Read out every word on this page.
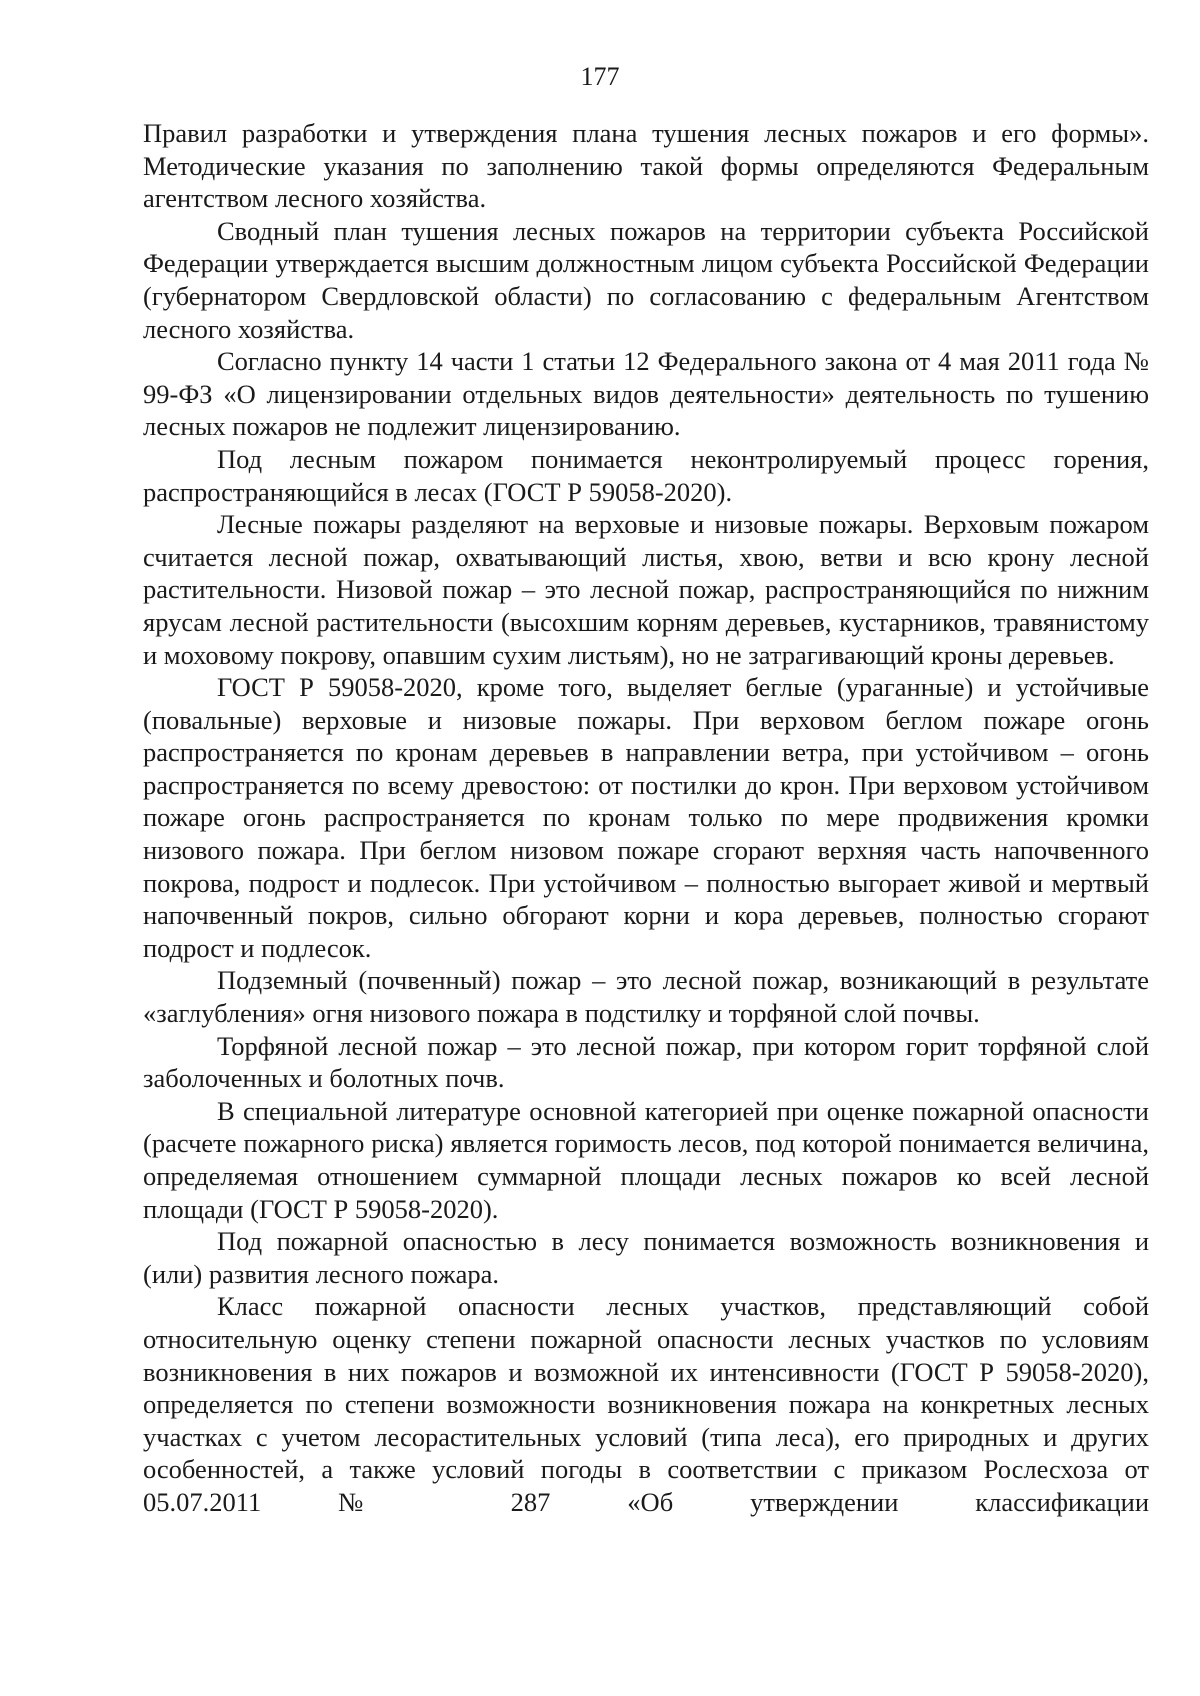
177

Правил разработки и утверждения плана тушения лесных пожаров и его формы». Методические указания по заполнению такой формы определяются Федеральным агентством лесного хозяйства.

Сводный план тушения лесных пожаров на территории субъекта Российской Федерации утверждается высшим должностным лицом субъекта Российской Федерации (губернатором Свердловской области) по согласованию с федеральным Агентством лесного хозяйства.

Согласно пункту 14 части 1 статьи 12 Федерального закона от 4 мая 2011 года № 99-ФЗ «О лицензировании отдельных видов деятельности» деятельность по тушению лесных пожаров не подлежит лицензированию.

Под лесным пожаром понимается неконтролируемый процесс горения, распространяющийся в лесах (ГОСТ Р 59058-2020).

Лесные пожары разделяют на верховые и низовые пожары. Верховым пожаром считается лесной пожар, охватывающий листья, хвою, ветви и всю крону лесной растительности. Низовой пожар – это лесной пожар, распространяющийся по нижним ярусам лесной растительности (высохшим корням деревьев, кустарников, травянистому и моховому покрову, опавшим сухим листьям), но не затрагивающий кроны деревьев.

ГОСТ Р 59058-2020, кроме того, выделяет беглые (ураганные) и устойчивые (повальные) верховые и низовые пожары. При верховом беглом пожаре огонь распространяется по кронам деревьев в направлении ветра, при устойчивом – огонь распространяется по всему древостою: от постилки до крон. При верховом устойчивом пожаре огонь распространяется по кронам только по мере продвижения кромки низового пожара. При беглом низовом пожаре сгорают верхняя часть напочвенного покрова, подрост и подлесок. При устойчивом – полностью выгорает живой и мертвый напочвенный покров, сильно обгорают корни и кора деревьев, полностью сгорают подрост и подлесок.

Подземный (почвенный) пожар – это лесной пожар, возникающий в результате «заглубления» огня низового пожара в подстилку и торфяной слой почвы.

Торфяной лесной пожар – это лесной пожар, при котором горит торфяной слой заболоченных и болотных почв.

В специальной литературе основной категорией при оценке пожарной опасности (расчете пожарного риска) является горимость лесов, под которой понимается величина, определяемая отношением суммарной площади лесных пожаров ко всей лесной площади (ГОСТ Р 59058-2020).

Под пожарной опасностью в лесу понимается возможность возникновения и (или) развития лесного пожара.

Класс пожарной опасности лесных участков, представляющий собой относительную оценку степени пожарной опасности лесных участков по условиям возникновения в них пожаров и возможной их интенсивности (ГОСТ Р 59058-2020), определяется по степени возможности возникновения пожара на конкретных лесных участках с учетом лесорастительных условий (типа леса), его природных и других особенностей, а также условий погоды в соответствии с приказом Рослесхоза от 05.07.2011 № 287 «Об утверждении классификации
